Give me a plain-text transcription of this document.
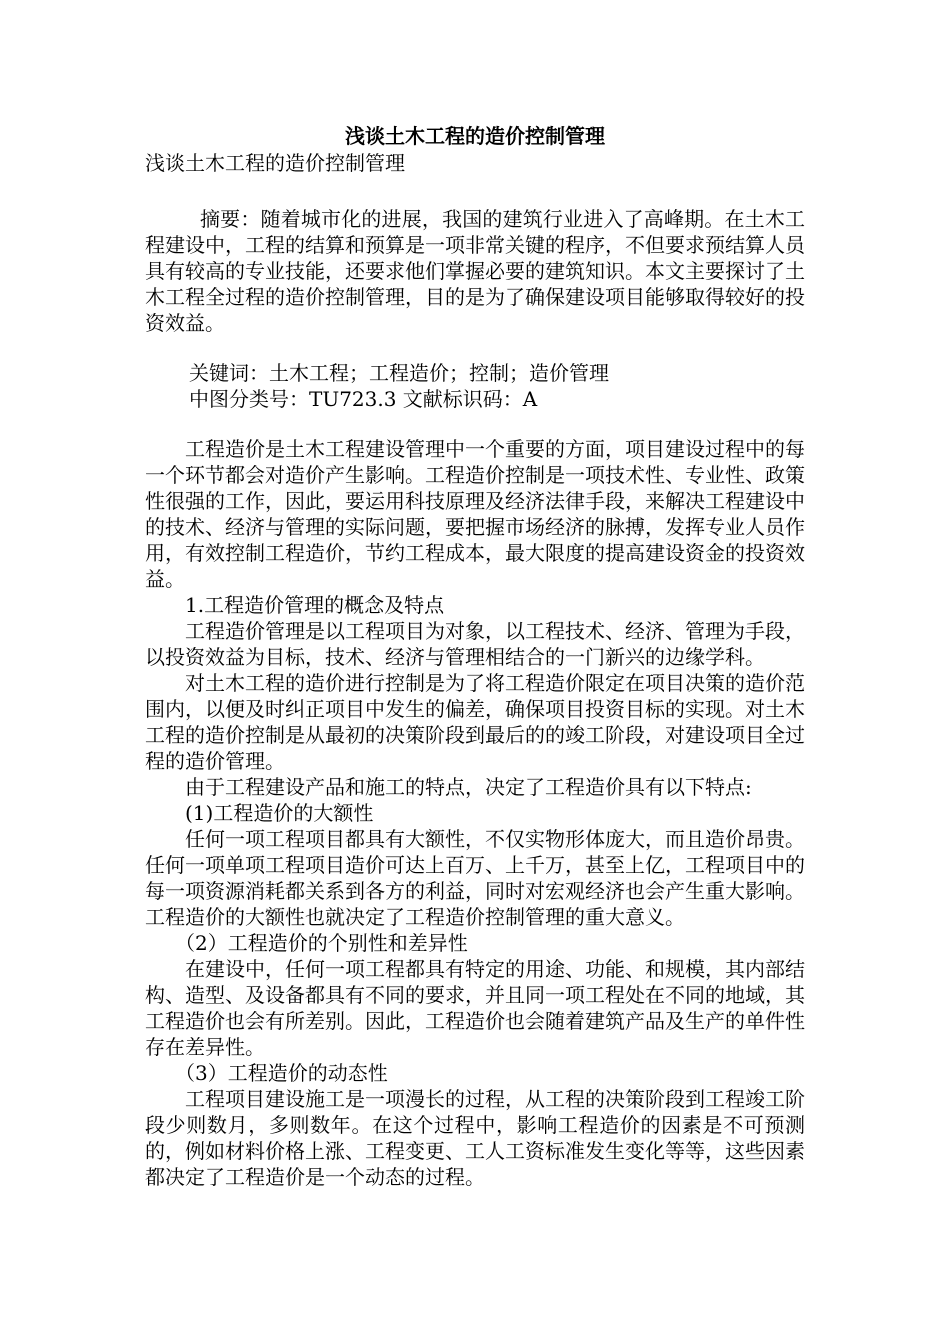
浅谈土木工程的造价控制管理

浅谈土木工程的造价控制管理

摘要：随着城市化的进展，我国的建筑行业进入了高峰期。在土木工程建设中，工程的结算和预算是一项非常关键的程序，不但要求预结算人员具有较高的专业技能，还要求他们掌握必要的建筑知识。本文主要探讨了土木工程全过程的造价控制管理，目的是为了确保建设项目能够取得较好的投资效益。

关键词：土木工程；工程造价；控制；造价管理

中图分类号：TU723.3 文献标识码：A

工程造价是土木工程建设管理中一个重要的方面，项目建设过程中的每一个环节都会对造价产生影响。工程造价控制是一项技术性、专业性、政策性很强的工作，因此，要运用科技原理及经济法律手段，来解决工程建设中的技术、经济与管理的实际问题，要把握市场经济的脉搏，发挥专业人员作用，有效控制工程造价，节约工程成本，最大限度的提高建设资金的投资效益。

1.工程造价管理的概念及特点

工程造价管理是以工程项目为对象，以工程技术、经济、管理为手段，以投资效益为目标，技术、经济与管理相结合的一门新兴的边缘学科。

对土木工程的造价进行控制是为了将工程造价限定在项目决策的造价范围内，以便及时纠正项目中发生的偏差，确保项目投资目标的实现。对土木工程的造价控制是从最初的决策阶段到最后的的竣工阶段，对建设项目全过程的造价管理。

由于工程建设产品和施工的特点，决定了工程造价具有以下特点:

(1)工程造价的大额性

任何一项工程项目都具有大额性，不仅实物形体庞大，而且造价昂贵。任何一项单项工程项目造价可达上百万、上千万，甚至上亿，工程项目中的每一项资源消耗都关系到各方的利益，同时对宏观经济也会产生重大影响。工程造价的大额性也就决定了工程造价控制管理的重大意义。

（2）工程造价的个别性和差异性

在建设中，任何一项工程都具有特定的用途、功能、和规模，其内部结构、造型、及设备都具有不同的要求，并且同一项工程处在不同的地域，其工程造价也会有所差别。因此，工程造价也会随着建筑产品及生产的单件性存在差异性。

（3）工程造价的动态性

工程项目建设施工是一项漫长的过程，从工程的决策阶段到工程竣工阶段少则数月，多则数年。在这个过程中，影响工程造价的因素是不可预测的，例如材料价格上涨、工程变更、工人工资标准发生变化等等，这些因素都决定了工程造价是一个动态的过程。
